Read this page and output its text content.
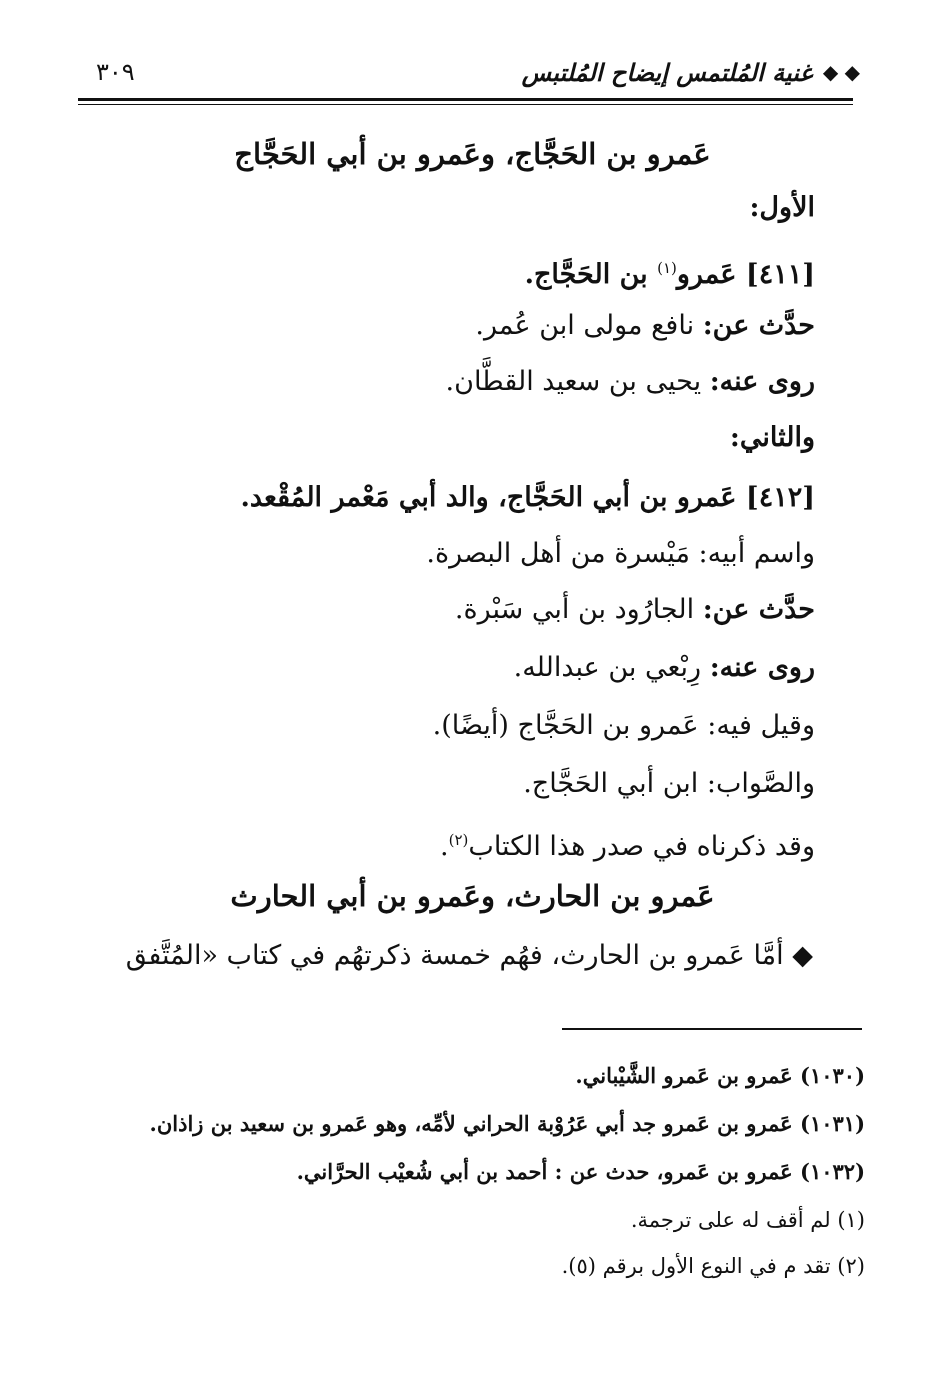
◆ ◆
غنية المُلتمس إيضاح المُلتبس
٣٠٩
عَمرو بن الحَجَّاج، وعَمرو بن أبي الحَجَّاج
الأول:
[٤١١] عَمرو$^{(١)}$ بن الحَجَّاج.
حدَّث عن: نافع مولى ابن عُمر.
روى عنه: يحيى بن سعيد القطَّان.
والثاني:
[٤١٢] عَمرو بن أبي الحَجَّاج، والد أبي مَعْمر المُقْعد.
واسم أبيه: مَيْسرة من أهل البصرة.
حدَّث عن: الجارُود بن أبي سَبْرة.
روى عنه: رِبْعي بن عبدالله.
وقيل فيه: عَمرو بن الحَجَّاج (أيضًا).
والصَّواب: ابن أبي الحَجَّاج.
وقد ذكرناه في صدر هذا الكتاب$^{(٢)}$.
عَمرو بن الحارث، وعَمرو بن أبي الحارث
◆ أمَّا عَمرو بن الحارث، فهُم خمسة ذكرتهُم في كتاب «المُتَّفق
(١٠٣٠) عَمرو بن عَمرو الشَّيْباني.
(١٠٣١) عَمرو بن عَمرو جد أبي عَرُوْبة الحراني لأمِّه، وهو عَمرو بن سعيد بن زاذان.
(١٠٣٢) عَمرو بن عَمرو، حدث عن : أحمد بن أبي شُعيْب الحرَّاني.
(١) لم أقف له على ترجمة.
(٢) تقد م في النوع الأول برقم (٥).
